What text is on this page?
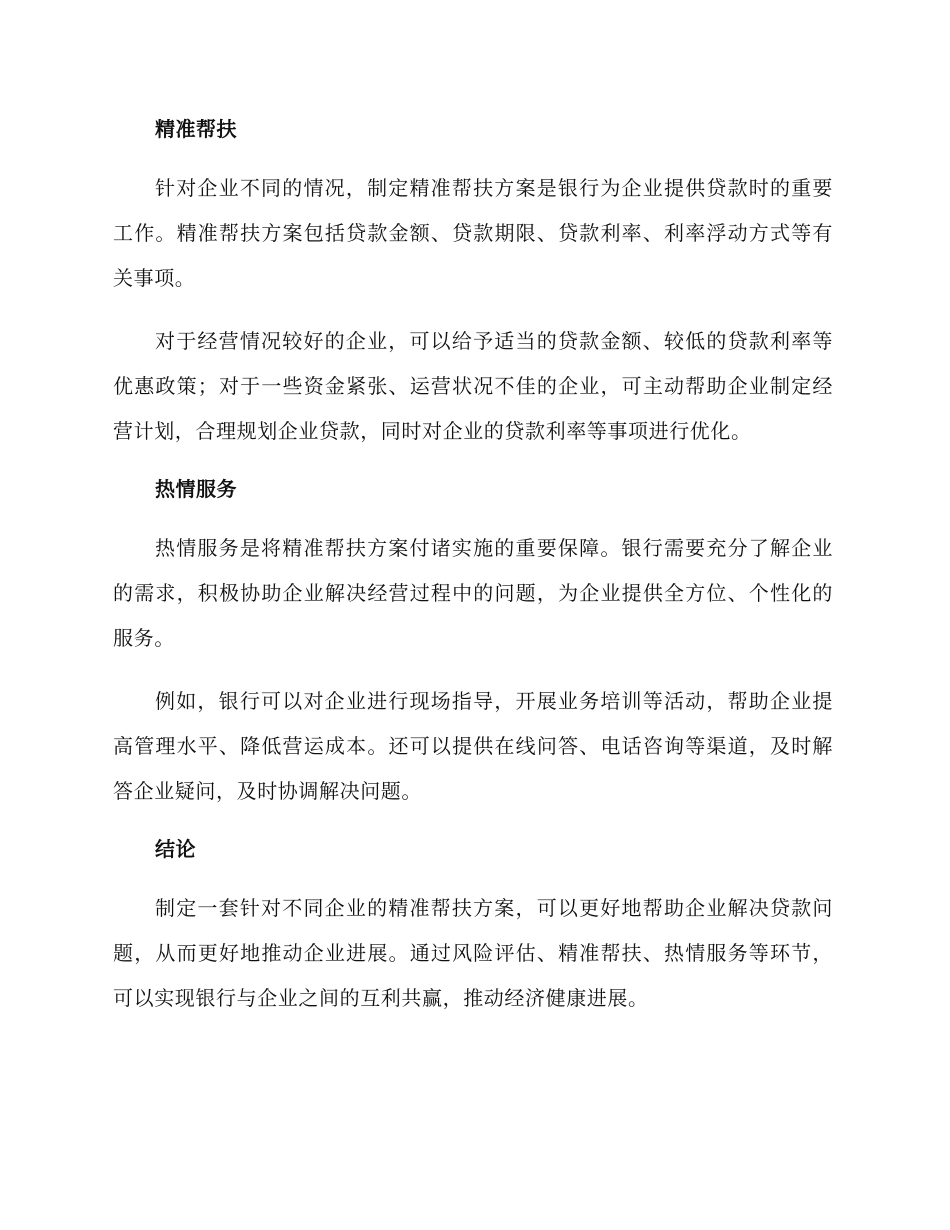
精准帮扶

针对企业不同的情况，制定精准帮扶方案是银行为企业提供贷款时的重要工作。精准帮扶方案包括贷款金额、贷款期限、贷款利率、利率浮动方式等有关事项。

对于经营情况较好的企业，可以给予适当的贷款金额、较低的贷款利率等优惠政策；对于一些资金紧张、运营状况不佳的企业，可主动帮助企业制定经营计划，合理规划企业贷款，同时对企业的贷款利率等事项进行优化。

热情服务

热情服务是将精准帮扶方案付诸实施的重要保障。银行需要充分了解企业的需求，积极协助企业解决经营过程中的问题，为企业提供全方位、个性化的服务。

例如，银行可以对企业进行现场指导，开展业务培训等活动，帮助企业提高管理水平、降低营运成本。还可以提供在线问答、电话咨询等渠道，及时解答企业疑问，及时协调解决问题。

结论

制定一套针对不同企业的精准帮扶方案，可以更好地帮助企业解决贷款问题，从而更好地推动企业进展。通过风险评估、精准帮扶、热情服务等环节，可以实现银行与企业之间的互利共赢，推动经济健康进展。
